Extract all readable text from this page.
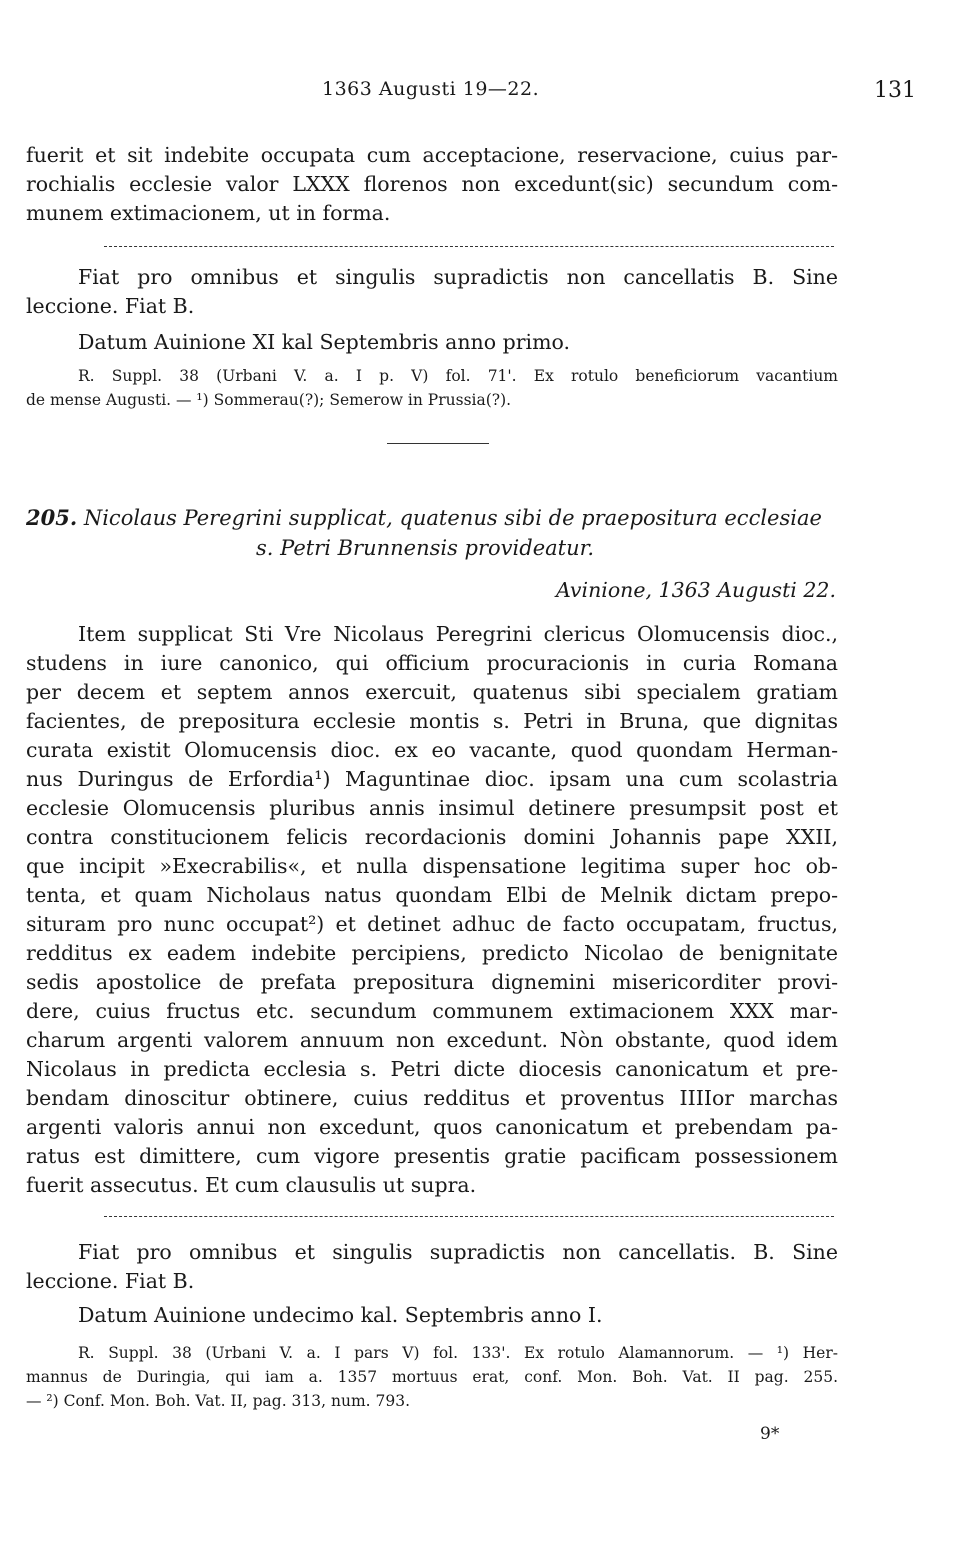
1363 Augusti 19—22.	131
fuerit et sit indebite occupata cum acceptacione, reservacione, cuius par-
rochialis ecclesie valor LXXX florenos non excedunt(sic) secundum com-
munem extimacionem, ut in forma.
Fiat pro omnibus et singulis supradictis non cancellatis B. Sine
leccione. Fiat B.
Datum Auinione XI kal Septembris anno primo.
R. Suppl. 38 (Urbani V. a. I p. V) fol. 71'. Ex rotulo beneficiorum vacantium
de mense Augusti. — ¹) Sommerau(?); Semerow in Prussia(?).
205. Nicolaus Peregrini supplicat, quatenus sibi de praepositura ecclesiae
s. Petri Brunnensis provideatur.
Avinione, 1363 Augusti 22.
Item supplicat Sti Vre Nicolaus Peregrini clericus Olomucensis dioc.,
studens in iure canonico, qui officium procuracionis in curia Romana
per decem et septem annos exercuit, quatenus sibi specialem gratiam
facientes, de prepositura ecclesie montis s. Petri in Bruna, que dignitas
curata existit Olomucensis dioc. ex eo vacante, quod quondam Herman-
nus Duringus de Erfordia¹) Maguntinae dioc. ipsam una cum scolastria
ecclesie Olomucensis pluribus annis insimul detinere presumpsit post et
contra constitucionem felicis recordacionis domini Johannis pape XXII,
que incipit »Execrabilis«, et nulla dispensatione legitima super hoc ob-
tenta, et quam Nicholaus natus quondam Elbi de Melnik dictam prepo-
situram pro nunc occupat²) et detinet adhuc de facto occupatam, fructus,
redditus ex eadem indebite percipiens, predicto Nicolao de benignitate
sedis apostolice de prefata prepositura dignemini misericorditer provi-
dere, cuius fructus etc. secundum communem extimacionem XXX mar-
charum argenti valorem annuum non excedunt. Nòn obstante, quod idem
Nicolaus in predicta ecclesia s. Petri dicte diocesis canonicatum et pre-
bendam dinoscitur obtinere, cuius redditus et proventus IIIIor marchas
argenti valoris annui non excedunt, quos canonicatum et prebendam pa-
ratus est dimittere, cum vigore presentis gratie pacificam possessionem
fuerit assecutus. Et cum clausulis ut supra.
Fiat pro omnibus et singulis supradictis non cancellatis. B. Sine
leccione. Fiat B.
Datum Auinione undecimo kal. Septembris anno I.
R. Suppl. 38 (Urbani V. a. I pars V) fol. 133'. Ex rotulo Alamannorum. — ¹) Her-
mannus de Duringia, qui iam a. 1357 mortuus erat, conf. Mon. Boh. Vat. II pag. 255.
— ²) Conf. Mon. Boh. Vat. II, pag. 313, num. 793.
9*
